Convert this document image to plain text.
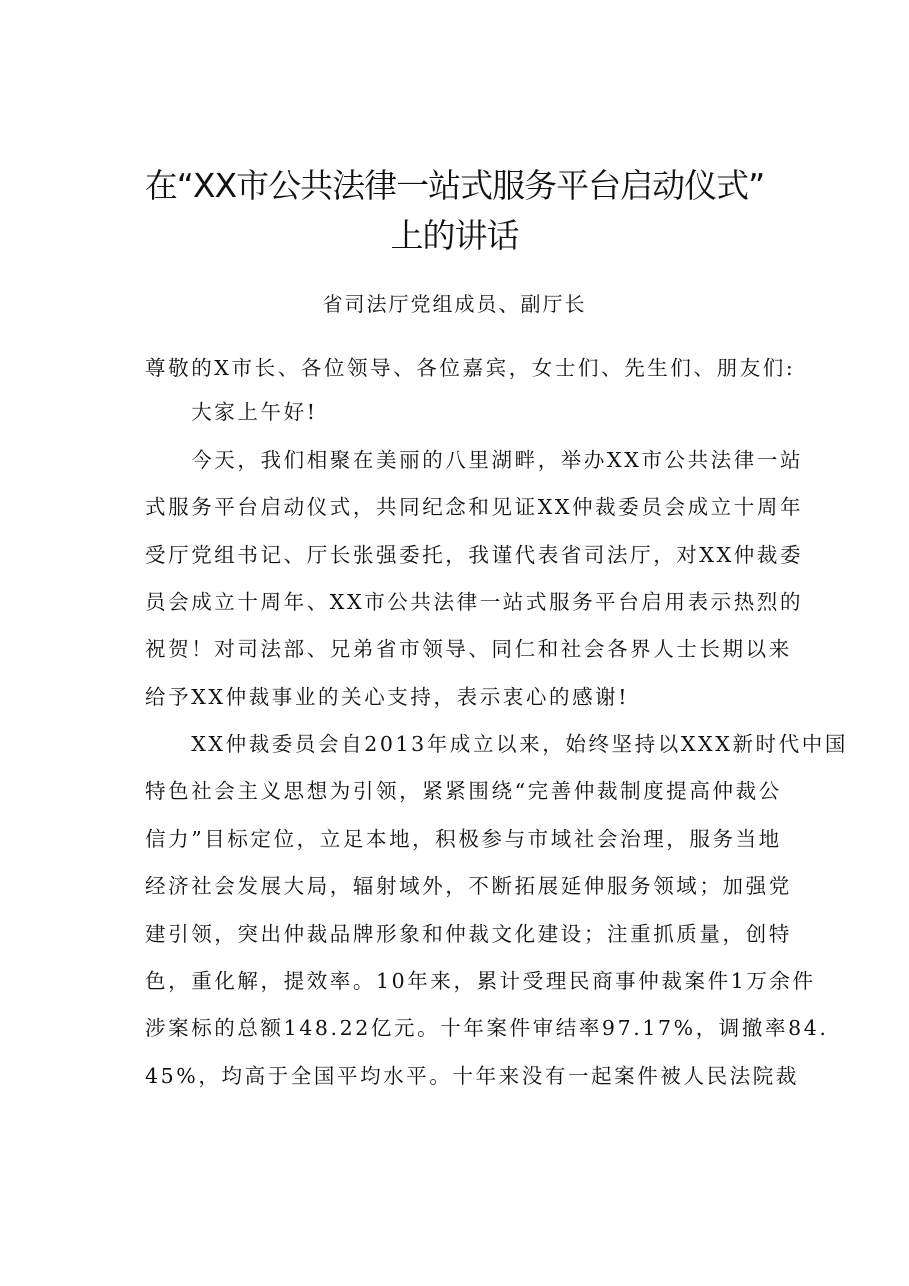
在“XX市公共法律一站式服务平台启动仪式”
上的讲话
省司法厅党组成员、副厅长
尊敬的X市长、各位领导、各位嘉宾，女士们、先生们、朋友们:
　　大家上午好!
　　今天，我们相聚在美丽的八里湖畔，举办XX市公共法律一站
式服务平台启动仪式，共同纪念和见证XX仲裁委员会成立十周年
受厅党组书记、厅长张强委托，我谨代表省司法厅，对XX仲裁委
员会成立十周年、XX市公共法律一站式服务平台启用表示热烈的
祝贺！对司法部、兄弟省市领导、同仁和社会各界人士长期以来
给予XX仲裁事业的关心支持，表示衷心的感谢!
　　XX仲裁委员会自2013年成立以来，始终坚持以XXX新时代中国
特色社会主义思想为引领，紧紧围绕“完善仲裁制度提高仲裁公
信力”目标定位，立足本地，积极参与市域社会治理，服务当地
经济社会发展大局，辐射域外，不断拓展延伸服务领域；加强党
建引领，突出仲裁品牌形象和仲裁文化建设；注重抓质量，创特
色，重化解，提效率。10年来，累计受理民商事仲裁案件1万余件
涉案标的总额148.22亿元。十年案件审结率97.17%，调撤率84.
45%，均高于全国平均水平。十年来没有一起案件被人民法院裁
